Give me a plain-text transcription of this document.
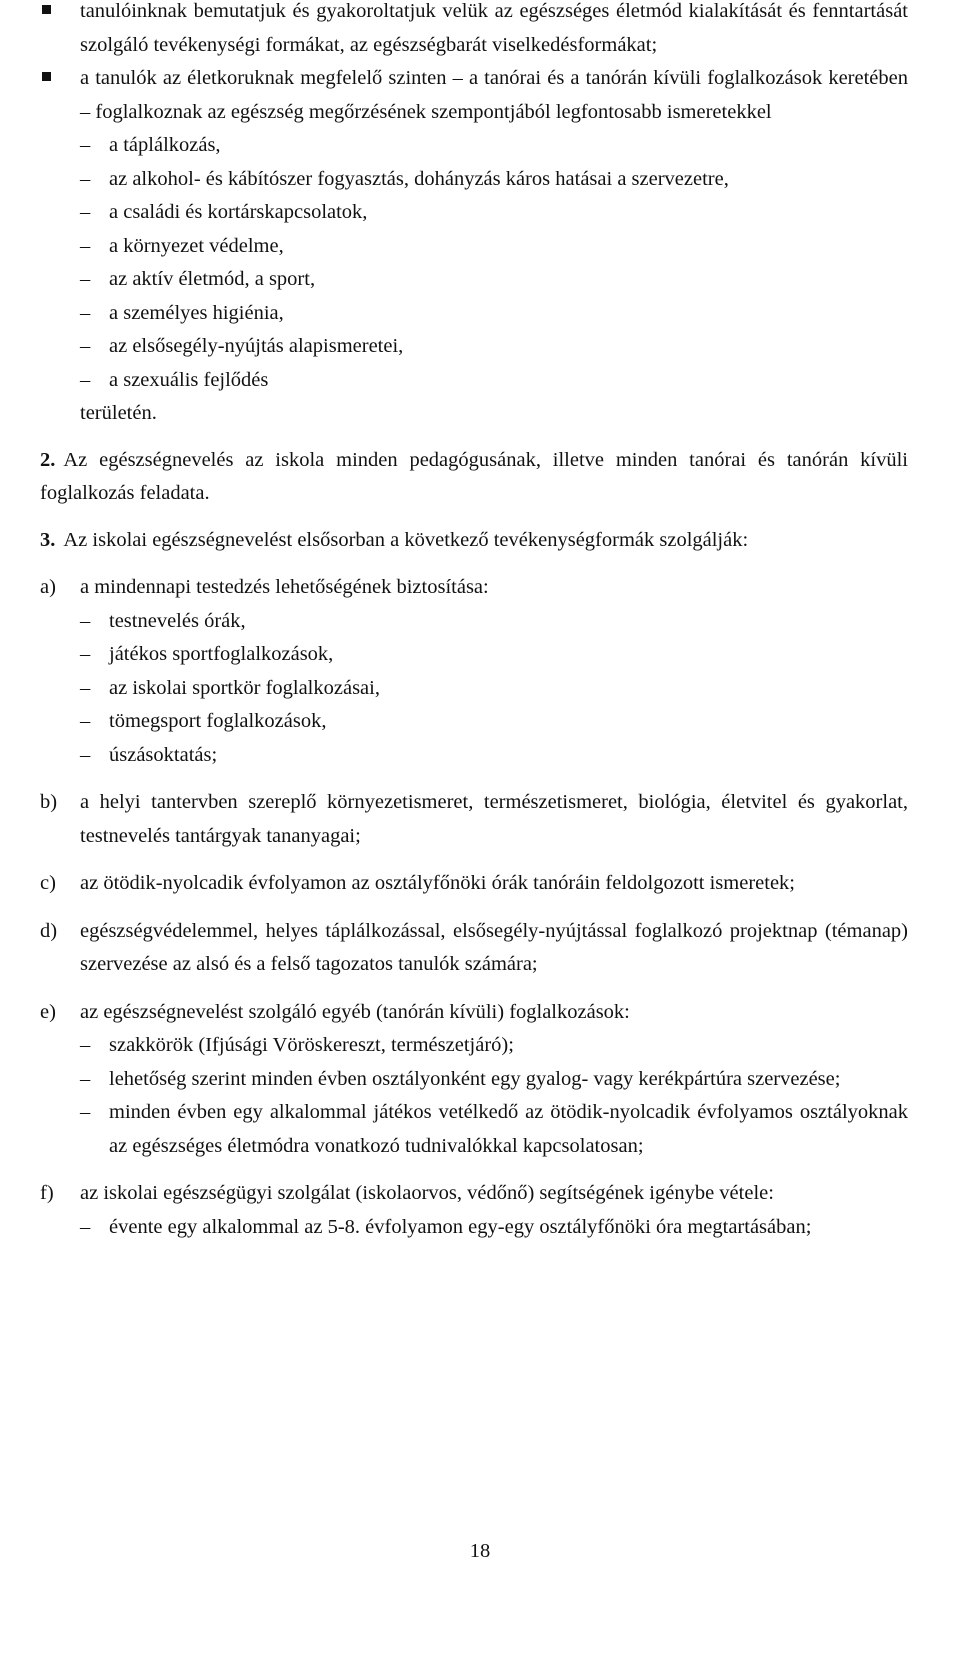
tanulóinknak bemutatjuk és gyakoroltatjuk velük az egészséges életmód kialakítását és fenntartását szolgáló tevékenységi formákat, az egészségbarát viselkedésformákat;
a tanulók az életkoruknak megfelelő szinten – a tanórai és a tanórán kívüli foglalkozások keretében – foglalkoznak az egészség megőrzésének szempontjából legfontosabb ismeretekkel
– a táplálkozás,
– az alkohol- és kábítószer fogyasztás, dohányzás káros hatásai a szervezetre,
– a családi és kortárskapcsolatok,
– a környezet védelme,
– az aktív életmód, a sport,
– a személyes higiénia,
– az elsősegély-nyújtás alapismeretei,
– a szexuális fejlődés
területén.
2. Az egészségnevelés az iskola minden pedagógusának, illetve minden tanórai és tanórán kívüli foglalkozás feladata.
3. Az iskolai egészségnevelést elsősorban a következő tevékenységformák szolgálják:
a) a mindennapi testedzés lehetőségének biztosítása:
– testnevelés órák,
– játékos sportfoglalkozások,
– az iskolai sportkör foglalkozásai,
– tömegsport foglalkozások,
– úszásoktatás;
b) a helyi tantervben szereplő környezetismeret, természetismeret, biológia, életvitel és gyakorlat, testnevelés tantárgyak tananyagai;
c) az ötödik-nyolcadik évfolyamon az osztályfőnöki órák tanóráin feldolgozott ismeretek;
d) egészségvédelemmel, helyes táplálkozással, elsősegély-nyújtással foglalkozó projektnap (témanap) szervezése az alsó és a felső tagozatos tanulók számára;
e) az egészségnevelést szolgáló egyéb (tanórán kívüli) foglalkozások:
– szakkörök (Ifjúsági Vöröskereszt, természetjáró);
– lehetőség szerint minden évben osztályonként egy gyalog- vagy kerékpártúra szervezése;
– minden évben egy alkalommal játékos vetélkedő az ötödik-nyolcadik évfolyamos osztályoknak az egészséges életmódra vonatkozó tudnivalókkal kapcsolatosan;
f) az iskolai egészségügyi szolgálat (iskolaorvos, védőnő) segítségének igénybe vétele:
– évente egy alkalommal az 5-8. évfolyamon egy-egy osztályfőnöki óra megtartásában;
18
